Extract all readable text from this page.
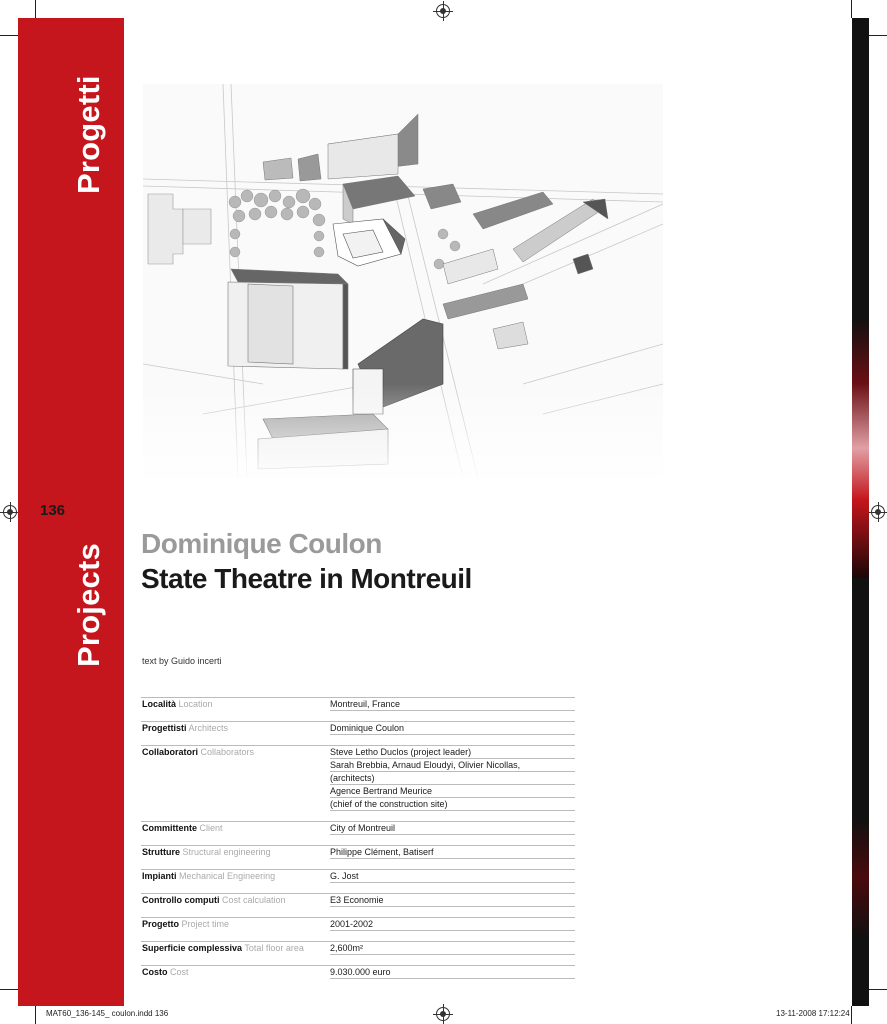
Progetti
Projects
136
Dominique Coulon
State Theatre in Montreuil
text by Guido incerti
Località Location	Montreuil, France
Progettisti Architects	Dominique Coulon
Collaboratori Collaborators	Steve Letho Duclos (project leader)
Sarah Brebbia, Arnaud Eloudyi, Olivier Nicollas,
(architects)
Agence Bertrand Meurice
(chief of the construction site)
Committente Client	City of Montreuil
Strutture Structural engineering	Philippe Clément, Batiserf
Impianti Mechanical Engineering	G. Jost
Controllo computi Cost calculation	E3 Economie
Progetto Project time	2001-2002
Superficie complessiva Total floor area	2,600m²
Costo Cost	9.030.000 euro
MAT60_136-145_ coulon.indd 136	13-11-2008 17:12:24
